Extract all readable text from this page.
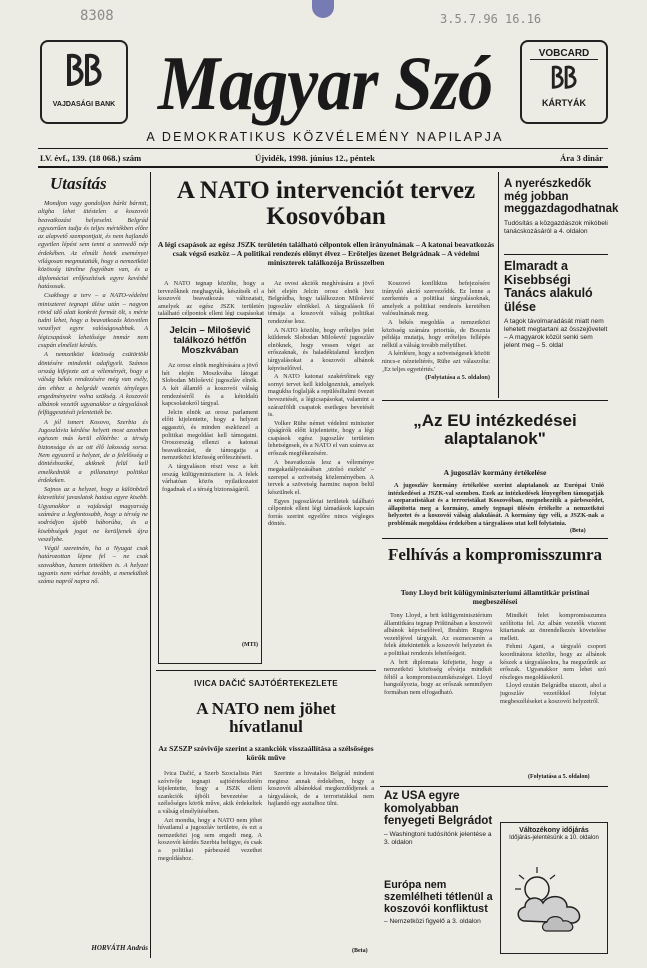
8308	3.5.7.96 16.16
VAJDASÁGI BANK Magyar Szó	VOBCARD
KÁRTYÁK
A DEMOKRATIKUS KÖZVÉLEMÉNY NAPILAPJA
LV. évf., 139. (18 068.) szám	Újvidék, 1998. június 12., péntek	Ára 3 dinár
Utasítás

Mondjon vagy gondoljon bárki bármit, aligha lehet ütéstelen a koszovói beavatkozást helyeselni. Belgrád egyszerűen tudja és teljes mértékben előre az alapvető szempontjait, és nem hajlandó egyetlen lépést sem tenni a szenvedő nép érdekében. Az elmúlt hetek eseményei világosan megmutatták, hogy a nemzetközi közösség türelme fogyóban van, és a diplomáciai erőfeszítések egyre kevésbé hatásosak.

Csakhogy a terv – a NATO-védelmi miniszterei tegnapi ülése után – nagyon rövid idő alatt konkrét formát ölt, s mérte tudni lehet, hogy a beavatkozás közvetlen veszélyei egyre valóságosabbak. A légicsapások lehetősége immár nem csupán elméleti kérdés.

A nemzetközi közösség csütörtöki döntésére mindenki odafigyelt. Számos ország kifejezte azt a véleményét, hogy a válság békés rendezésére még van esély, ám ehhez a belgrádi vezetés tényleges engedményeire volna szükség. A koszovói albánok vezetői ugyanakkor a tárgyalások felfüggesztését jelentették be.

A jól ismert Kosovo, Szerbia és Jugoszlávia kérdése helyett most azonban egészen más kerül előtérbe: a térség biztonsága és az ott élő lakosság sorsa. Nem egyszerű a helyzet, de a felelősség a döntéshozóké, akiknek felül kell emelkedniük a pillanatnyi politikai érdekeken.

Sajnos az a helyzet, hogy a különböző közvetítési javaslatok hatása egyre kisebb. Ugyanakkor a vajdasági magyarság számára a legfontosabb, hogy a térség ne sodródjon újabb háborúba, és a kisebbségek jogai ne kerüljenek újra veszélybe.

Végül szeretném, ha a Nyugat csak határozottan lépne fel – ne csak szavakban, hanem tettekben is. A helyzet ugyanis nem várhat tovább, a menekültek száma napról napra nő.

HORVÁTH András
A NATO intervenciót tervez Kosovóban
A légi csapások az egész JSZK területén található célpontok ellen irányulnának – A katonai beavatkozás csak végső eszköz – A politikai rendezés előnyt élvez – Erőteljes üzenet Belgrádnak – A védelmi miniszterek találkozója Brüsszelben

A NATO tegnap közölte, hogy a tervezőknek meghagyták, készítsék el a koszovói beavatkozás változatait, amelyek az egész JSZK területén található célpontok elleni légi csapásokat

Jelcin – Milošević találkozó hétfőn Moszkvában

Az orosz elnök meghívására a jövő hét elején Moszkvába látogat Slobodan Milošević jugoszláv elnök. A két államfő a koszovói válság rendezéséről és a kétoldalú kapcsolatokról tárgyal.

Jelcin elnök az orosz parlament előtt kijelentette, hogy a helyzet aggasztó, és minden eszközzel a politikai megoldást kell támogatni. Oroszország ellenzi a katonai beavatkozást, de támogatja a nemzetközi közösség erőfeszítéseit.

A tárgyaláson részt vesz a két ország külügyminisztere is. A felek várhatóan közös nyilatkozatot fogadnak el a térség biztonságáról.

(MTI)

Az ovosi akciók meghívására a jövő hét elején Jelcin orosz elnök hoz Belgrádba, hogy találkozzon Milošević jugoszláv elnökkel. A tárgyalások fő témája a koszovói válság politikai rendezése lesz.

A NATO közölte, hogy erőteljes jelet küldenek Slobodan Milošević jugoszláv elnöknek, hogy vessen véget az erőszaknak, és haladéktalanul kezdjen tárgyalásokat a koszovói albánok képviselőivel.

A NATO katonai szakértőinek egy sornyi tervet kell kidolgozniuk, amelyek magukba foglalják a repülésiltalmi övezet bevezetését, a légicsapásokat, valamint a szárazföldi csapatok esetleges bevetését is.

Volker Rühe német védelmi miniszter újságírók előtt kijelentette, hogy a légi csapások egész jugoszláv területen lehetségesek, és a NATO el van szánva az erőszak megfékezésére.

A beavatkozás lesz a véleménye megakadályozásában ‚utolsó eszköz' – szerepel a szövetség közleményében. A tervek a szövetség harminc napon belül készülnek el.

Egyes jugoszláviai területek található célpontok elleni légi támadások kapcsán forrás szerint egyelőre nincs végleges döntés.

Koszovó konfliktus befejezésére irányuló akció szerveződik. Ez lenne a szerkentés a politikai tárgyalásoknak, amelyek a politikai rendezés keretében valósulnának meg.

A békés megoldás a nemzetközi közösség számára prioritás, de Bosznia példája mutatja, hogy erőteljes fellépés nélkül a válság tovább mélyülhet.

A kérdésre, hogy a szövetségesek között nincs-e nézeteltérés, Rühe azt válaszolta: ‚Ez teljes egyetértés.'

(Folytatása a 5. oldalon)

„Az EU intézkedései alaptalanok"
A jugoszláv kormány értékelése

A jugoszláv kormány értékelése szerint alaptalanok az Európai Unió intézkedései a JSZK-val szemben. Ezek az intézkedések lényegében támogatják a szeparatistákat és a terroristákat Koszovóban, megnehezítik a párbeszédet, állapította meg a kormány, amely tegnapi ülésén értékelte a nemzetközi helyzetet és a koszovói válság alakulását. A kormány úgy véli, a JSZK-nak a problémák megoldása érdekében a tárgyalásos utat kell folytatnia.

(Beta)
Felhívás a kompromisszumra
Tony Lloyd brit külügyminiszteriumi államtitkár pristinai megbeszélései

Tony Lloyd, a brit külügyminisztérium államtitkára tegnap Prištinában a koszovói albánok képviselőivel, Ibrahim Rugova vezetőjével tárgyalt. Az eszmecserén a felek áttekintették a koszovói helyzetet és a politikai rendezés lehetőségeit.

A brit diplomata kifejtette, hogy a nemzetközi közösség elvárja mindkét féltől a kompromisszumkészséget. Lloyd hangsúlyozta, hogy az erőszak semmilyen formában nem elfogadható.

Mindkét felet kompromisszumra szólította fel. Az albán vezetők viszont kitartanak az önrendelkezés követelése mellett.

Fehmi Agani, a tárgyaló csoport koordinátora közölte, hogy az albánok készek a tárgyalásokra, ha megszűnik az erőszak. Ugyanakkor nem lehet szó részleges megoldásokról.

Lloyd ezután Belgrádba utazott, ahol a jugoszláv vezetőkkel folytat megbeszéléseket a koszovói helyzetről.

(Folytatása a 5. oldalon)
A nyerészkedők még jobban meggazdagodhatnak
Tudósítás a közgazdászok mikóbeli tanácskozásáról a 4. oldalon
Elmaradt a Kisebbségi Tanács alakuló ülése
A tagok távolmaradását miatt nem lehetett megtartani az összejövetelt – A magyarok közül senki sem jelent meg – 5. oldal
IVICA DAČIĆ SAJTÓÉRTEKEZLETE
A NATO nem jöhet hívatlanul
Az SZSZP szóvivője szerint a szankciók visszaállítása a szélsőséges körök műve

Ivica Dačić, a Szerb Szocialista Párt szóvivője tegnapi sajtóértekezletén kijelentette, hogy a JSZK elleni szankciók újbóli bevezetése a szélsőséges körök műve, akik érdekeltek a válság elmélyítésében.

Azt mondta, hogy a NATO nem jöhet hívatlanul a jugoszláv területre, és ezt a nemzetközi jog sem engedi meg. A koszovói kérdés Szerbia belügye, és csak a politikai párbeszéd vezethet megoldáshoz.

Szerinte a hivatalos Belgrád mindent megtesz annak érdekében, hogy a koszovói albánokkal megkezdődjenek a tárgyalások, de a terroristákkal nem hajlandó egy asztalhoz ülni.

(Beta)
Az USA egyre komolyabban fenyegeti Belgrádot
– Washingtoni tudósítónk jelentése a 3. oldalon
Európa nem szemlélheti tétlenül a koszovói konfliktust
– Nemzetközi figyelő a 3. oldalon
Változékony időjárás
Időjárás-jelentésünk a 10. oldalon
